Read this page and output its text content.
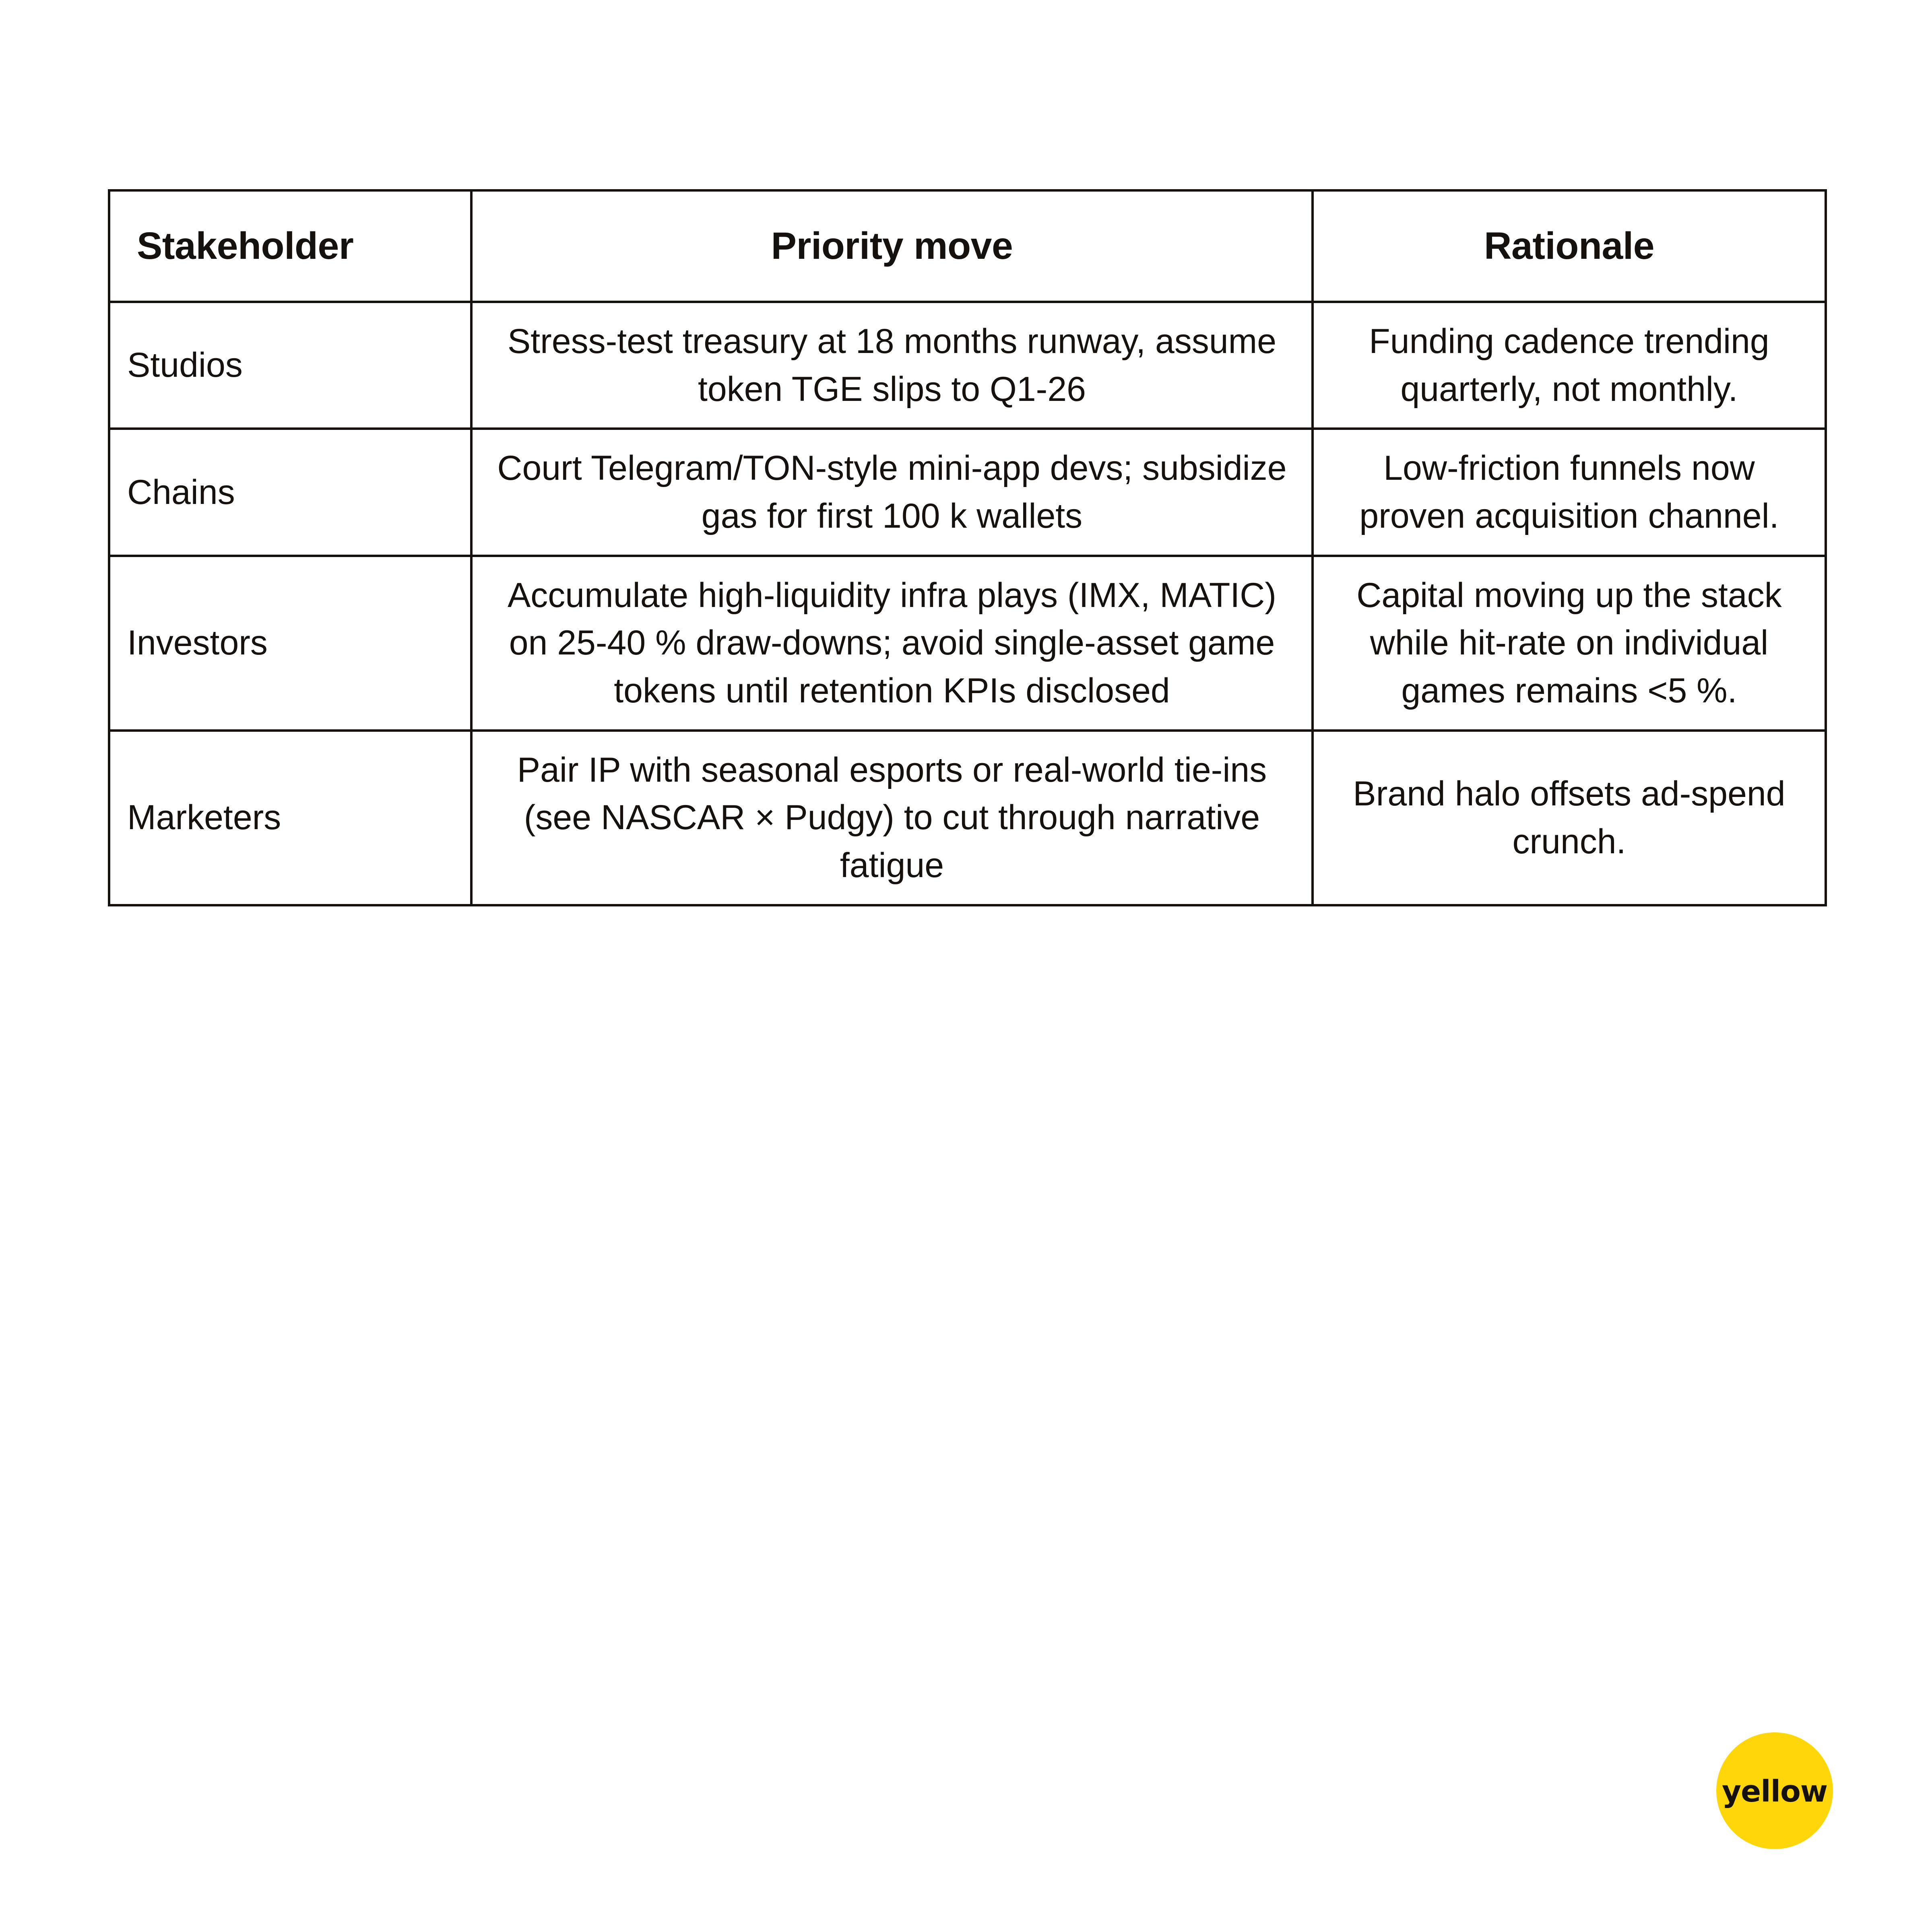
Stakeholder	Priority move	Rationale
Studios	Stress-test treasury at 18 months runway, assume token TGE slips to Q1-26	Funding cadence trending quarterly, not monthly.
Chains	Court Telegram/TON-style mini-app devs; subsidize gas for first 100 k wallets	Low-friction funnels now proven acquisition channel.
Investors	Accumulate high-liquidity infra plays (IMX, MATIC) on 25-40 % draw-downs; avoid single-asset game tokens until retention KPIs disclosed	Capital moving up the stack while hit-rate on individual games remains <5 %.
Marketers	Pair IP with seasonal esports or real-world tie-ins (see NASCAR × Pudgy) to cut through narrative fatigue	Brand halo offsets ad-spend crunch.
yellow
